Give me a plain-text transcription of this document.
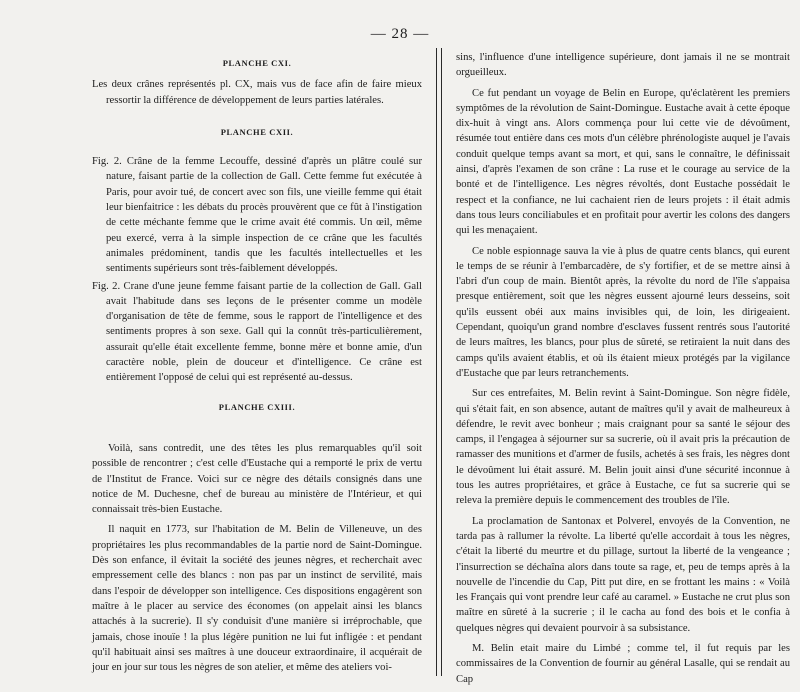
— 28 —
PLANCHE CXI.

Les deux crânes représentés pl. CX, mais vus de face afin de faire mieux ressortir la différence de développement de leurs parties latérales.

PLANCHE CXII.

Fig. 2. Crâne de la femme Lecouffe, dessiné d'après un plâtre coulé sur nature, faisant partie de la collection de Gall. Cette femme fut exécutée à Paris, pour avoir tué, de concert avec son fils, une vieille femme qui était leur bienfaitrice : les débats du procès prouvèrent que ce fût à l'instigation de cette méchante femme que le crime avait été commis. Un œil, même peu exercé, verra à la simple inspection de ce crâne que les facultés animales prédominent, tandis que les facultés intellectuelles et les sentiments supérieurs sont très-faiblement développés.

Fig. 2. Crane d'une jeune femme faisant partie de la collection de Gall. Gall avait l'habitude dans ses leçons de le présenter comme un modèle d'organisation de tête de femme, sous le rapport de l'intelligence et des sentiments propres à son sexe. Gall qui la connût très-particulièrement, assurait qu'elle était excellente femme, bonne mère et bonne amie, d'un caractère noble, plein de douceur et d'intelligence. Ce crâne est entièrement l'opposé de celui qui est représenté au-dessus.

PLANCHE CXIII.

Voilà, sans contredit, une des têtes les plus remarquables qu'il soit possible de rencontrer ; c'est celle d'Eustache qui a remporté le prix de vertu de l'Institut de France. Voici sur ce nègre des détails consignés dans une notice de M. Duchesne, chef de bureau au ministère de l'Intérieur, et qui connaissait très-bien Eustache.

Il naquit en 1773, sur l'habitation de M. Belin de Villeneuve, un des propriétaires les plus recommandables de la partie nord de Saint-Domingue. Dès son enfance, il évitait la société des jeunes nègres, et recherchait avec empressement celle des blancs : non pas par un instinct de servilité, mais dans l'espoir de développer son intelligence. Ces dispositions engagèrent son maître à le placer au service des économes (on appelait ainsi les blancs attachés à la sucrerie). Il s'y conduisit d'une manière si irréprochable, que jamais, chose inouïe ! la plus légère punition ne lui fut infligée : et pendant qu'il habituait ainsi ses maîtres à une douceur extraordinaire, il acquérait de jour en jour sur tous les nègres de son atelier, et même des ateliers voi-

sins, l'influence d'une intelligence supérieure, dont jamais il ne se montrait orgueilleux.

Ce fut pendant un voyage de Belin en Europe, qu'éclatèrent les premiers symptômes de la révolution de Saint-Domingue. Eustache avait à cette époque dix-huit à vingt ans. Alors commença pour lui cette vie de dévoûment, résumée tout entière dans ces mots d'un célèbre phrénologiste auquel je l'avais conduit quelque temps avant sa mort, et qui, sans le connaître, le définissait ainsi, d'après l'examen de son crâne : La ruse et le courage au service de la bonté et de l'intelligence. Les nègres révoltés, dont Eustache possédait le respect et la confiance, ne lui cachaient rien de leurs projets : il était admis dans tous leurs conciliabules et en profitait pour avertir les colons des dangers qui les menaçaient.

Ce noble espionnage sauva la vie à plus de quatre cents blancs, qui eurent le temps de se réunir à l'embarcadère, de s'y fortifier, et de se mettre ainsi à l'abri d'un coup de main. Bientôt après, la révolte du nord de l'île s'appaisa presque entièrement, soit que les nègres eussent ajourné leurs desseins, soit qu'ils eussent obéi aux mains invisibles qui, de loin, les dirigeaient. Cependant, quoiqu'un grand nombre d'esclaves fussent rentrés sous l'autorité de leurs maîtres, les blancs, pour plus de sûreté, se retiraient la nuit dans des camps qu'ils avaient établis, et où ils étaient mieux protégés par la vigilance d'Eustache que par leurs retranchements.

Sur ces entrefaites, M. Belin revint à Saint-Domingue. Son nègre fidèle, qui s'était fait, en son absence, autant de maîtres qu'il y avait de malheureux à défendre, le revit avec bonheur ; mais craignant pour sa santé le séjour des camps, il l'engagea à séjourner sur sa sucrerie, où il avait pris la précaution de ramasser des munitions et d'armer de fusils, achetés à ses frais, les nègres dont le dévoûment lui était assuré. M. Belin jouit ainsi d'une sécurité inconnue à tous les autres propriétaires, et grâce à Eustache, ce fut sa sucrerie qui se releva la première depuis le commencement des troubles de l'île.

La proclamation de Santonax et Polverel, envoyés de la Convention, ne tarda pas à rallumer la révolte. La liberté qu'elle accordait à tous les nègres, c'était la liberté du meurtre et du pillage, surtout la liberté de la vengeance ; l'insurrection se déchaîna alors dans toute sa rage, et, peu de temps après à la nouvelle de l'incendie du Cap, Pitt put dire, en se frottant les mains : « Voilà les Français qui vont prendre leur café au caramel. » Eustache ne crut plus son maître en sûreté à la sucrerie ; il le cacha au fond des bois et le confia à quelques nègres qui devaient pourvoir à sa subsistance.

M. Belin etait maire du Limbé ; comme tel, il fut requis par les commissaires de la Convention de fournir au général Lasalle, qui se rendait au Cap
